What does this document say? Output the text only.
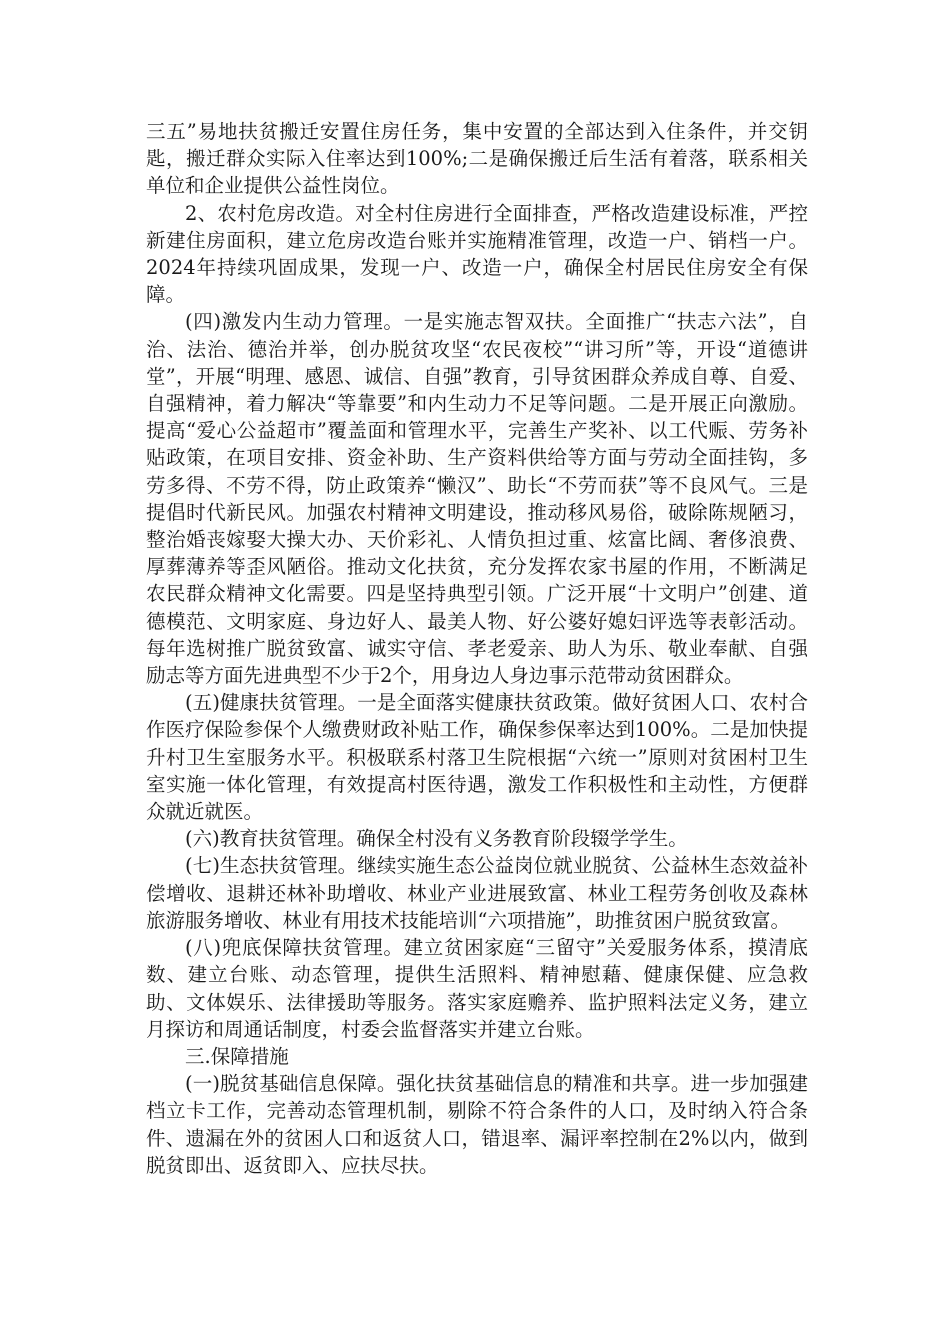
三五”易地扶贫搬迁安置住房任务，集中安置的全部达到入住条件，并交钥匙，搬迁群众实际入住率达到100%;二是确保搬迁后生活有着落，联系相关单位和企业提供公益性岗位。

2、农村危房改造。对全村住房进行全面排查，严格改造建设标准，严控新建住房面积，建立危房改造台账并实施精准管理，改造一户、销档一户。2024年持续巩固成果，发现一户、改造一户，确保全村居民住房安全有保障。

(四)激发内生动力管理。一是实施志智双扶。全面推广“扶志六法”，自治、法治、德治并举，创办脱贫攻坚“农民夜校”“讲习所”等，开设“道德讲堂”，开展“明理、感恩、诚信、自强”教育，引导贫困群众养成自尊、自爱、自强精神，着力解决“等靠要”和内生动力不足等问题。二是开展正向激励。提高“爱心公益超市”覆盖面和管理水平，完善生产奖补、以工代赈、劳务补贴政策，在项目安排、资金补助、生产资料供给等方面与劳动全面挂钩，多劳多得、不劳不得，防止政策养“懒汉”、助长“不劳而获”等不良风气。三是提倡时代新民风。加强农村精神文明建设，推动移风易俗，破除陈规陋习，整治婚丧嫁娶大操大办、天价彩礼、人情负担过重、炫富比阔、奢侈浪费、厚葬薄养等歪风陋俗。推动文化扶贫，充分发挥农家书屋的作用，不断满足农民群众精神文化需要。四是坚持典型引领。广泛开展“十文明户”创建、道德模范、文明家庭、身边好人、最美人物、好公婆好媳妇评选等表彰活动。每年选树推广脱贫致富、诚实守信、孝老爱亲、助人为乐、敬业奉献、自强励志等方面先进典型不少于2个，用身边人身边事示范带动贫困群众。

(五)健康扶贫管理。一是全面落实健康扶贫政策。做好贫困人口、农村合作医疗保险参保个人缴费财政补贴工作，确保参保率达到100%。二是加快提升村卫生室服务水平。积极联系村落卫生院根据“六统一”原则对贫困村卫生室实施一体化管理，有效提高村医待遇，激发工作积极性和主动性，方便群众就近就医。

(六)教育扶贫管理。确保全村没有义务教育阶段辍学学生。

(七)生态扶贫管理。继续实施生态公益岗位就业脱贫、公益林生态效益补偿增收、退耕还林补助增收、林业产业进展致富、林业工程劳务创收及森林旅游服务增收、林业有用技术技能培训“六项措施”，助推贫困户脱贫致富。

(八)兜底保障扶贫管理。建立贫困家庭“三留守”关爱服务体系，摸清底数、建立台账、动态管理，提供生活照料、精神慰藉、健康保健、应急救助、文体娱乐、法律援助等服务。落实家庭赡养、监护照料法定义务，建立月探访和周通话制度，村委会监督落实并建立台账。

三.保障措施

(一)脱贫基础信息保障。强化扶贫基础信息的精准和共享。进一步加强建档立卡工作，完善动态管理机制，剔除不符合条件的人口，及时纳入符合条件、遗漏在外的贫困人口和返贫人口，错退率、漏评率控制在2%以内，做到脱贫即出、返贫即入、应扶尽扶。
